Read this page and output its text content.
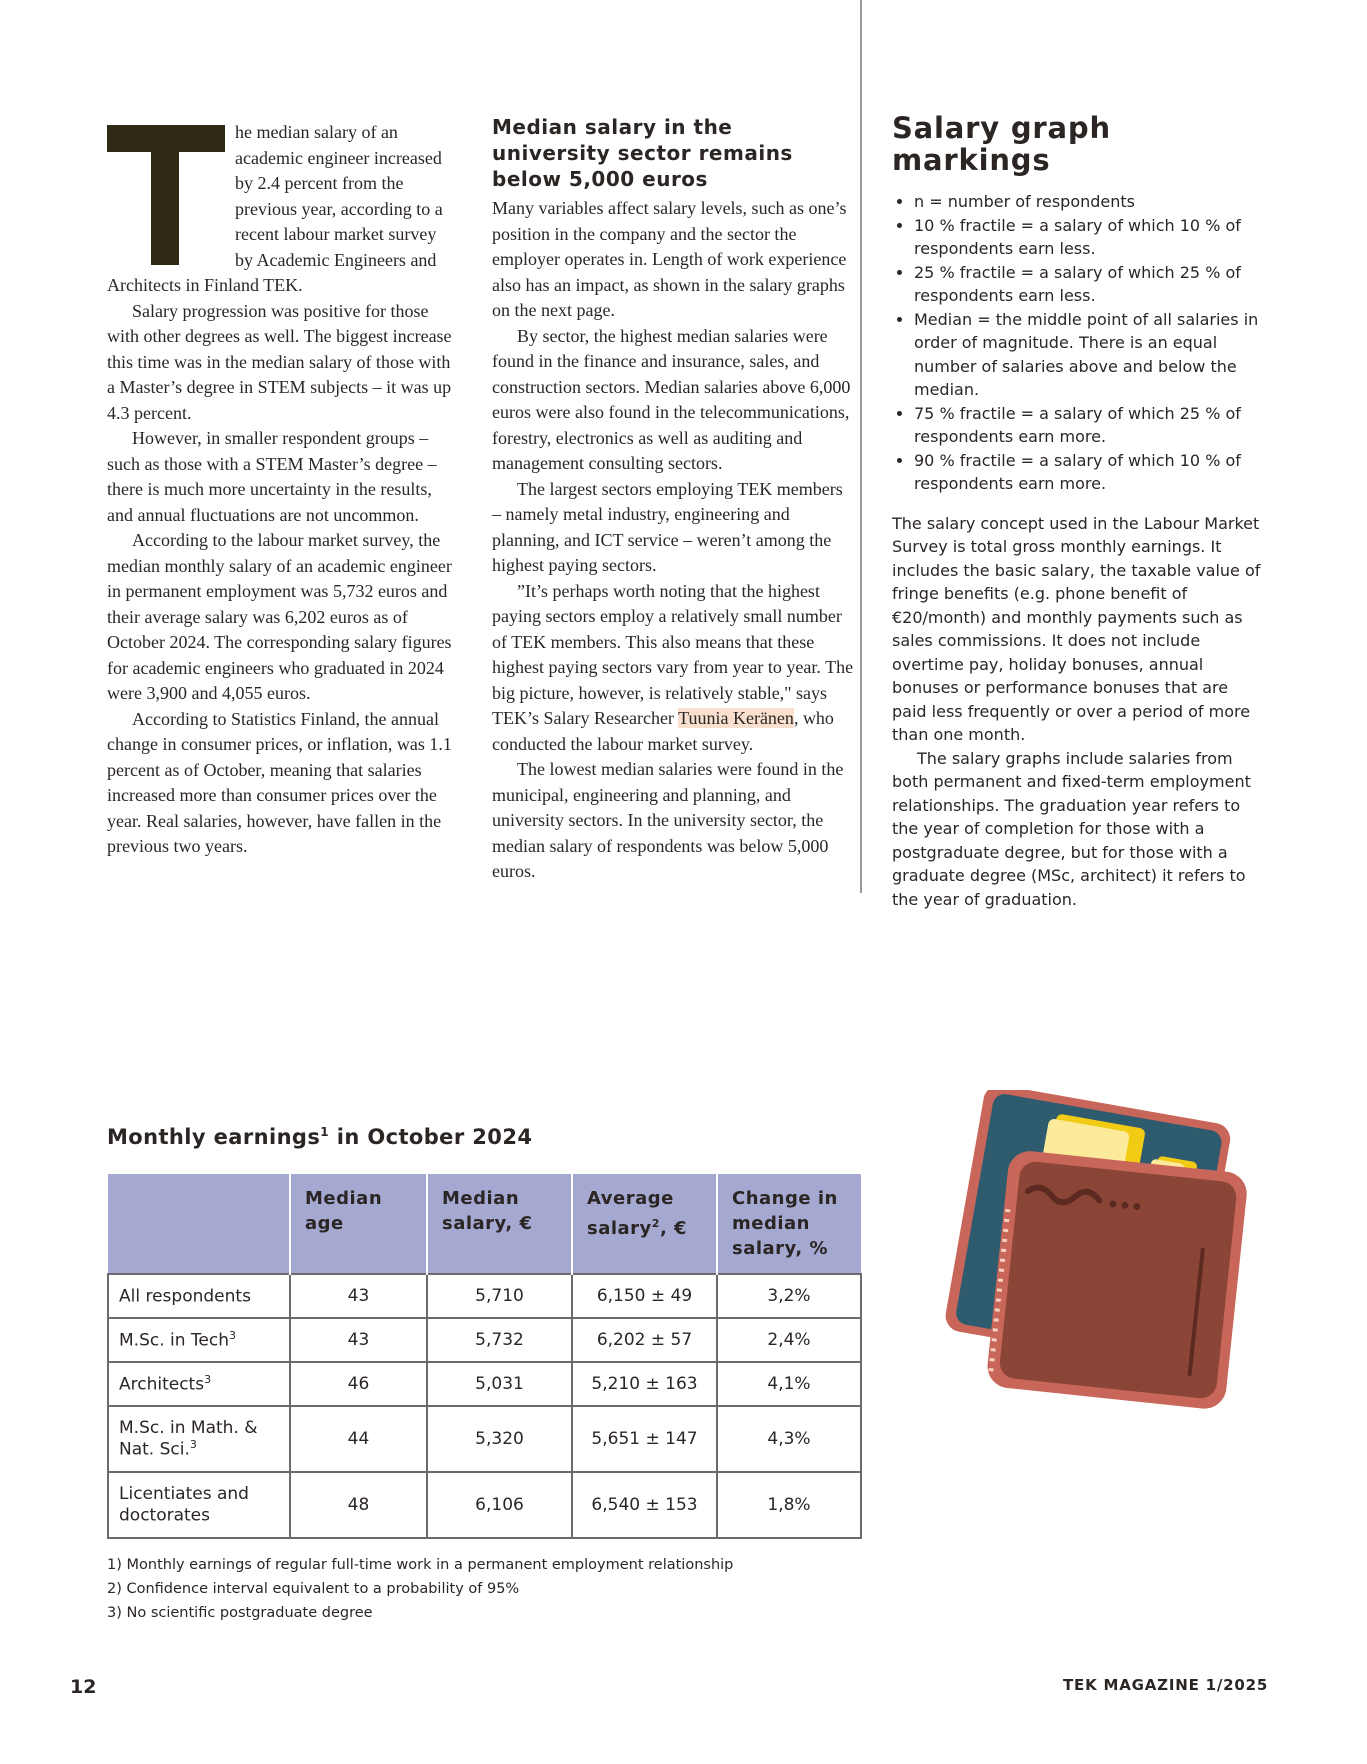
he median salary of an academic engineer increased by 2.4 percent from the previous year, according to a recent labour market survey by Academic Engineers and Architects in Finland TEK.

Salary progression was positive for those with other degrees as well. The biggest increase this time was in the median salary of those with a Master’s degree in STEM subjects – it was up 4.3 percent.

However, in smaller respondent groups – such as those with a STEM Master’s degree – there is much more uncertainty in the results, and annual fluctuations are not uncommon.

According to the labour market survey, the median monthly salary of an academic engineer in permanent employment was 5,732 euros and their average salary was 6,202 euros as of October 2024. The corresponding salary figures for academic engineers who graduated in 2024 were 3,900 and 4,055 euros.

According to Statistics Finland, the annual change in consumer prices, or inflation, was 1.1 percent as of October, meaning that salaries increased more than consumer prices over the year. Real salaries, however, have fallen in the previous two years.

Median salary in the university sector remains below 5,000 euros

Many variables affect salary levels, such as one’s position in the company and the sector the employer operates in. Length of work experience also has an impact, as shown in the salary graphs on the next page.

By sector, the highest median salaries were found in the finance and insurance, sales, and construction sectors. Median salaries above 6,000 euros were also found in the telecommunications, forestry, electronics as well as auditing and management consulting sectors.

The largest sectors employing TEK members – namely metal industry, engineering and planning, and ICT service – weren’t among the highest paying sectors.

”It’s perhaps worth noting that the highest paying sectors employ a relatively small number of TEK members. This also means that these highest paying sectors vary from year to year. The big picture, however, is relatively stable," says TEK’s Salary Researcher Tuunia Keränen, who conducted the labour market survey.

The lowest median salaries were found in the municipal, engineering and planning, and university sectors. In the university sector, the median salary of respondents was below 5,000 euros.

Salary graph markings
• n = number of respondents
• 10 % fractile = a salary of which 10 % of respondents earn less.
• 25 % fractile = a salary of which 25 % of respondents earn less.
• Median = the middle point of all salaries in order of magnitude. There is an equal number of salaries above and below the median.
• 75 % fractile = a salary of which 25 % of respondents earn more.
• 90 % fractile = a salary of which 10 % of respondents earn more.

The salary concept used in the Labour Market Survey is total gross monthly earnings. It includes the basic salary, the taxable value of fringe benefits (e.g. phone benefit of €20/month) and monthly payments such as sales commissions. It does not include overtime pay, holiday bonuses, annual bonuses or performance bonuses that are paid less frequently or over a period of more than one month.

The salary graphs include salaries from both permanent and fixed-term employment relationships. The graduation year refers to the year of completion for those with a postgraduate degree, but for those with a graduate degree (MSc, architect) it refers to the year of graduation.

Monthly earnings$^1$ in October 2024
	Median age	Median salary, €	Average salary$^2$, €	Change in median salary, %
All respondents	43	5,710	6,150 ± 49	3,2%
M.Sc. in Tech$^3$	43	5,732	6,202 ± 57	2,4%
Architects$^3$	46	5,031	5,210 ± 163	4,1%
M.Sc. in Math. & Nat. Sci.$^3$	44	5,320	5,651 ± 147	4,3%
Licentiates and doctorates	48	6,106	6,540 ± 153	1,8%
1) Monthly earnings of regular full-time work in a permanent employment relationship
2) Confidence interval equivalent to a probability of 95%
3) No scientific postgraduate degree
12	TEK MAGAZINE 1/2025
